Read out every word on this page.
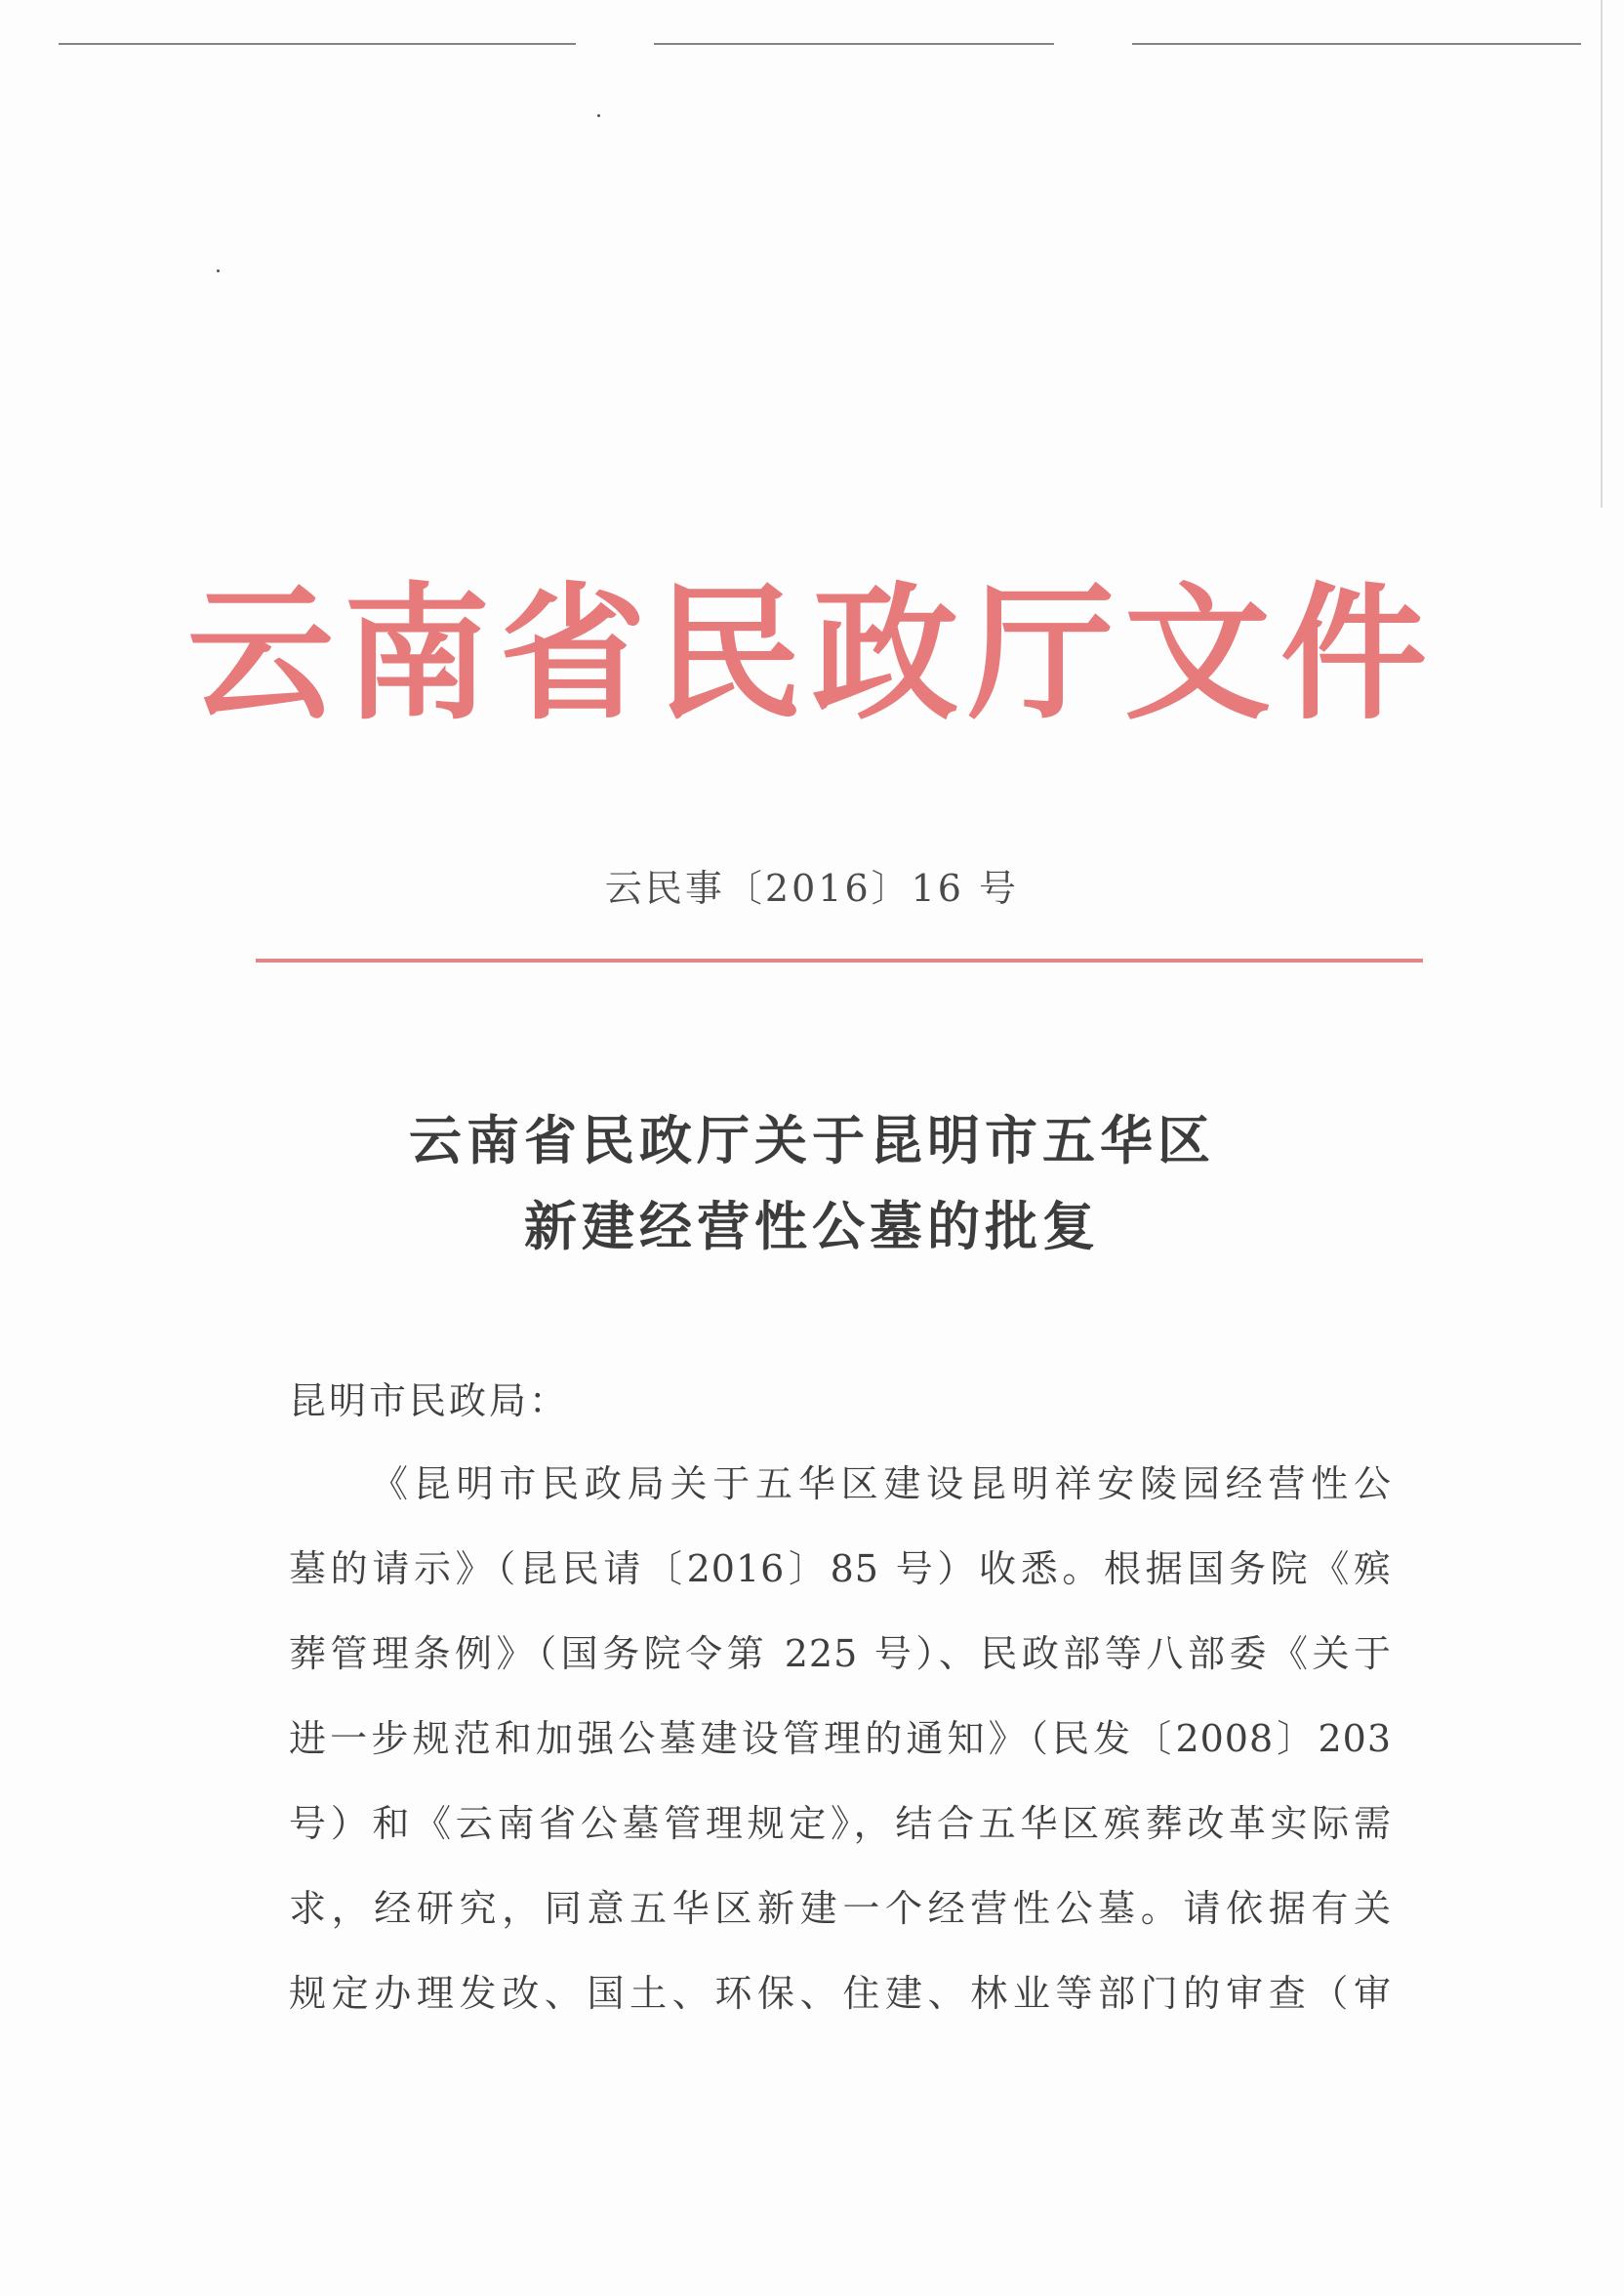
云南省民政厅文件
云民事〔2016〕16 号
云南省民政厅关于昆明市五华区
新建经营性公墓的批复
昆明市民政局：
《昆明市民政局关于五华区建设昆明祥安陵园经营性公
墓的请示》（昆民请〔2016〕85 号）收悉。根据国务院《殡
葬管理条例》（国务院令第 225 号）、民政部等八部委《关于
进一步规范和加强公墓建设管理的通知》（民发〔2008〕203
号）和《云南省公墓管理规定》，结合五华区殡葬改革实际需
求，经研究，同意五华区新建一个经营性公墓。请依据有关
规定办理发改、国土、环保、住建、林业等部门的审查（审
